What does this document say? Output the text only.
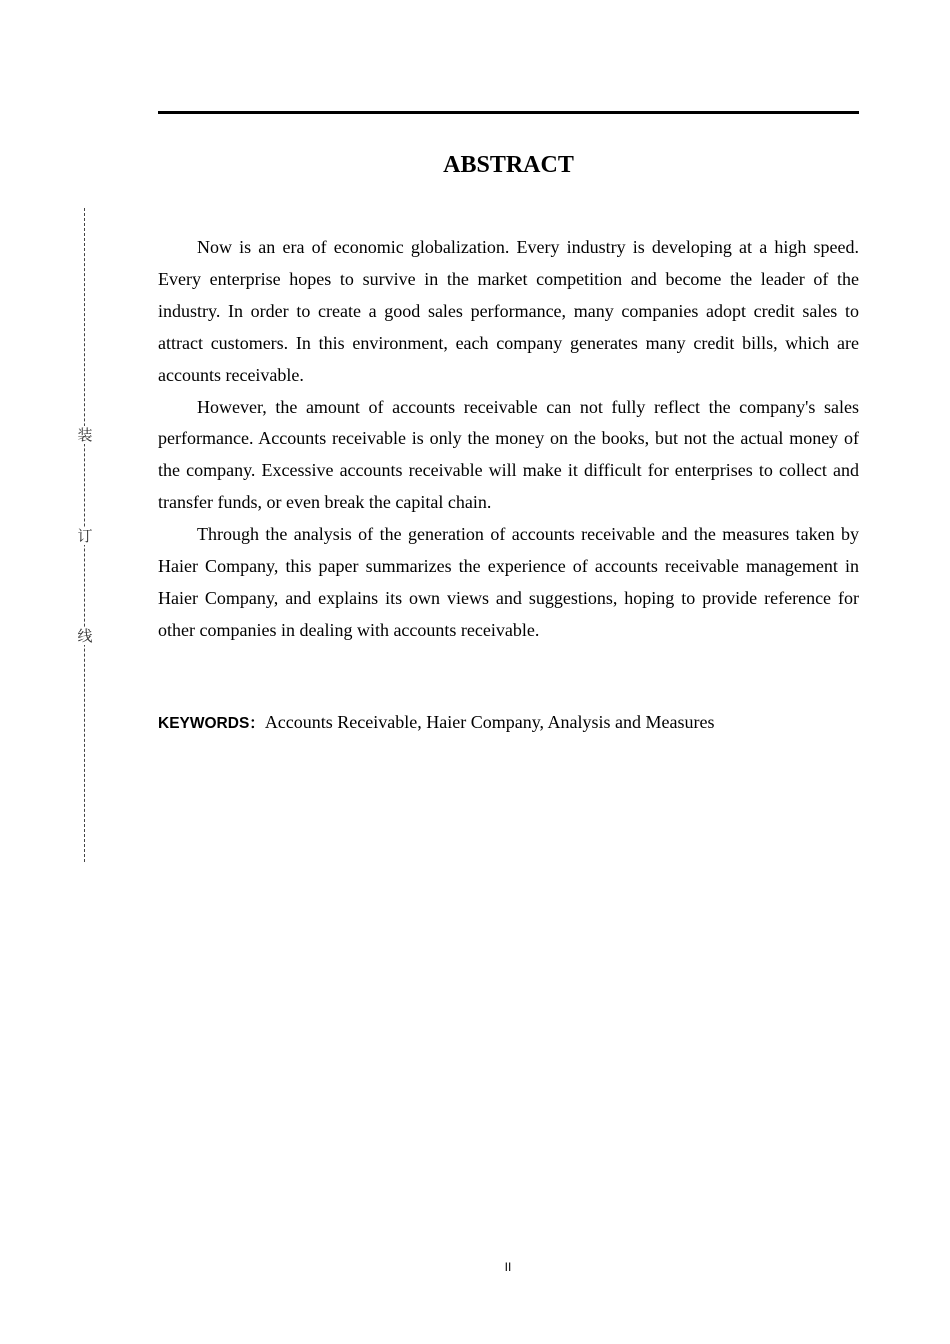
ABSTRACT
装
订
线

Now is an era of economic globalization. Every industry is developing at a high speed. Every enterprise hopes to survive in the market competition and become the leader of the industry. In order to create a good sales performance, many companies adopt credit sales to attract customers. In this environment, each company generates many credit bills, which are accounts receivable.

However, the amount of accounts receivable can not fully reflect the company's sales performance. Accounts receivable is only the money on the books, but not the actual money of the company. Excessive accounts receivable will make it difficult for enterprises to collect and transfer funds, or even break the capital chain.

Through the analysis of the generation of accounts receivable and the measures taken by Haier Company, this paper summarizes the experience of accounts receivable management in Haier Company, and explains its own views and suggestions, hoping to provide reference for other companies in dealing with accounts receivable.

KEYWORDS：Accounts Receivable, Haier Company, Analysis and Measures
II
